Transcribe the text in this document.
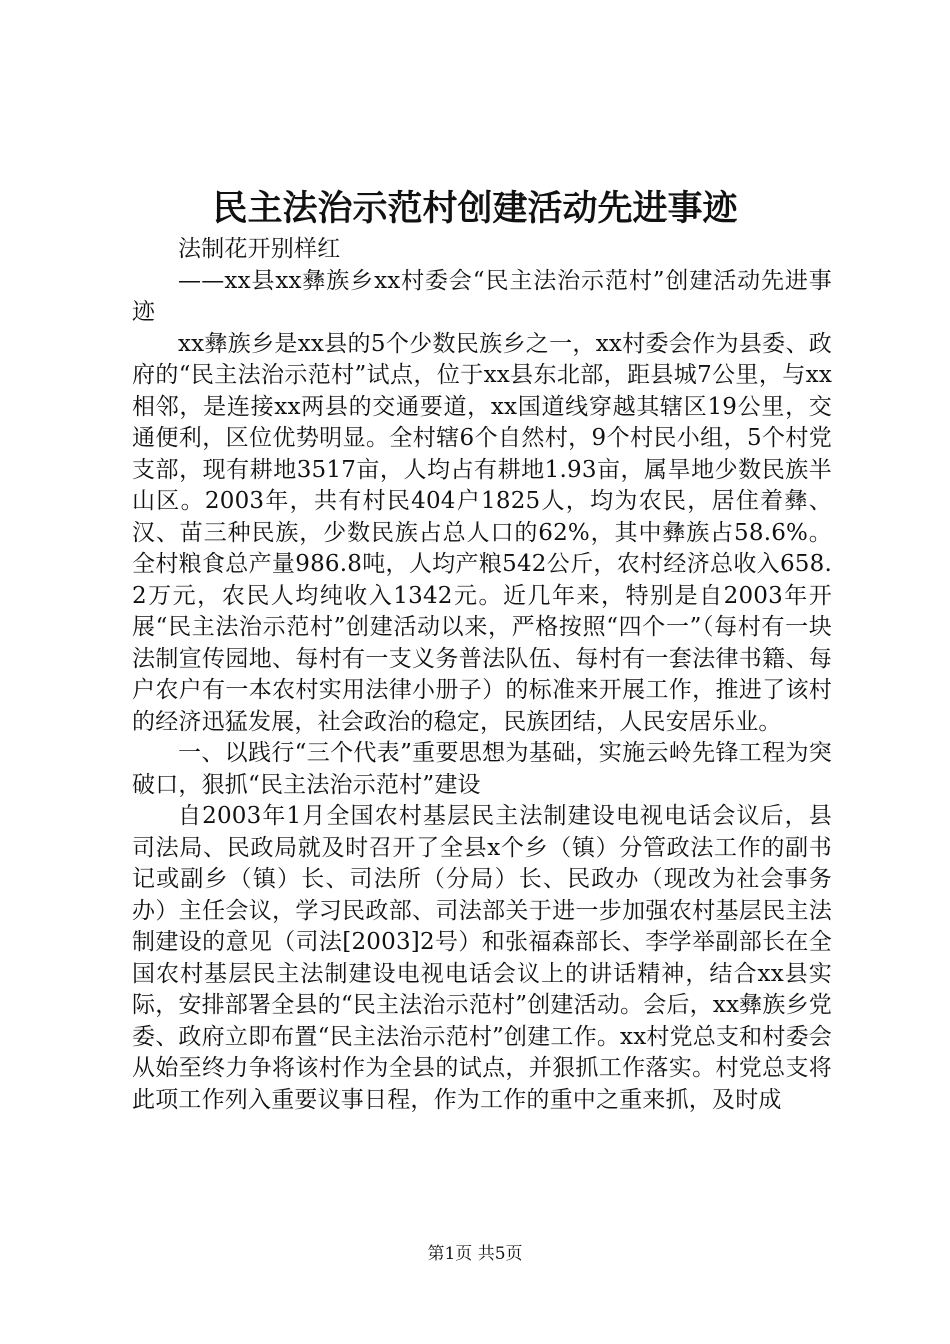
民主法治示范村创建活动先进事迹

法制花开别样红

——xx县xx彝族乡xx村委会“民主法治示范村”创建活动先进事迹

xx彝族乡是xx县的5个少数民族乡之一，xx村委会作为县委、政府的“民主法治示范村”试点，位于xx县东北部，距县城7公里，与xx相邻，是连接xx两县的交通要道，xx国道线穿越其辖区19公里，交通便利，区位优势明显。全村辖6个自然村，9个村民小组，5个村党支部，现有耕地3517亩，人均占有耕地1.93亩，属旱地少数民族半山区。2003年，共有村民404户1825人，均为农民，居住着彝、汉、苗三种民族，少数民族占总人口的62%，其中彝族占58.6%。全村粮食总产量986.8吨，人均产粮542公斤，农村经济总收入658.2万元，农民人均纯收入1342元。近几年来，特别是自2003年开展“民主法治示范村”创建活动以来，严格按照“四个一”（每村有一块法制宣传园地、每村有一支义务普法队伍、每村有一套法律书籍、每户农户有一本农村实用法律小册子）的标准来开展工作，推进了该村的经济迅猛发展，社会政治的稳定，民族团结，人民安居乐业。

一、以践行“三个代表”重要思想为基础，实施云岭先锋工程为突破口，狠抓“民主法治示范村”建设

自2003年1月全国农村基层民主法制建设电视电话会议后，县司法局、民政局就及时召开了全县x个乡（镇）分管政法工作的副书记或副乡（镇）长、司法所（分局）长、民政办（现改为社会事务办）主任会议，学习民政部、司法部关于进一步加强农村基层民主法制建设的意见（司法[2003]2号）和张福森部长、李学举副部长在全国农村基层民主法制建设电视电话会议上的讲话精神，结合xx县实际，安排部署全县的“民主法治示范村”创建活动。会后，xx彝族乡党委、政府立即布置“民主法治示范村”创建工作。xx村党总支和村委会从始至终力争将该村作为全县的试点，并狠抓工作落实。村党总支将此项工作列入重要议事日程，作为工作的重中之重来抓，及时成

第1页 共5页
